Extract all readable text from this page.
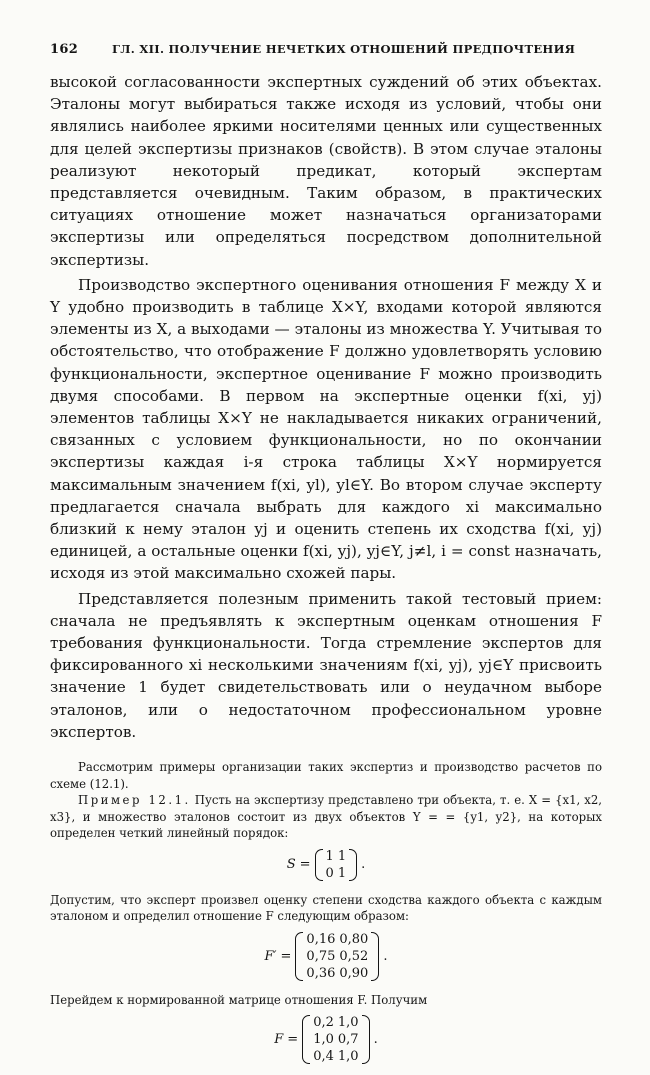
162	ГЛ. XII. ПОЛУЧЕНИЕ НЕЧЕТКИХ ОТНОШЕНИЙ ПРЕДПОЧТЕНИЯ

высокой согласованности экспертных суждений об этих объектах. Эталоны могут выбираться также исходя из условий, чтобы они являлись наиболее яркими носителями ценных или существенных для целей экспертизы признаков (свойств). В этом случае эталоны реализуют некоторый предикат, который экспертам представляется очевидным. Таким образом, в практических ситуациях отношение может назначаться организаторами экспертизы или определяться посредством дополнительной экспертизы.

Производство экспертного оценивания отношения F между X и Y удобно производить в таблице X×Y, входами которой являются элементы из X, а выходами — эталоны из множества Y. Учитывая то обстоятельство, что отображение F должно удовлетворять условию функциональности, экспертное оценивание F можно производить двумя способами. В первом на экспертные оценки f(xi, yj) элементов таблицы X×Y не накладывается никаких ограничений, связанных с условием функциональности, но по окончании экспертизы каждая i-я строка таблицы X×Y нормируется максимальным значением f(xi, yl), yl∈Y. Во втором случае эксперту предлагается сначала выбрать для каждого xi максимально близкий к нему эталон yj и оценить степень их сходства f(xi, yj) единицей, а остальные оценки f(xi, yj), yj∈Y, j≠l, i = const назначать, исходя из этой максимально схожей пары.

Представляется полезным применить такой тестовый прием: сначала не предъявлять к экспертным оценкам отношения F требования функциональности. Тогда стремление экспертов для фиксированного xi несколькими значениям f(xi, yj), yj∈Y присвоить значение 1 будет свидетельствовать или о неудачном выборе эталонов, или о недостаточном профессиональном уровне экспертов.

Рассмотрим примеры организации таких экспертиз и производство расчетов по схеме (12.1).

Пример 12.1. Пусть на экспертизу представлено три объекта, т. е. X = {x1, x2, x3}, и множество эталонов состоит из двух объектов Y = = {y1, y2}, на которых определен четкий линейный порядок:

S =
1	1
0	1
.

Допустим, что эксперт произвел оценку степени сходства каждого объекта с каждым эталоном и определил отношение F следующим образом:

F′ =
0,16	0,80
0,75	0,52
0,36	0,90
.

Перейдем к нормированной матрице отношения F. Получим

F =
0,2	1,0
1,0	0,7
0,4	1,0
.
